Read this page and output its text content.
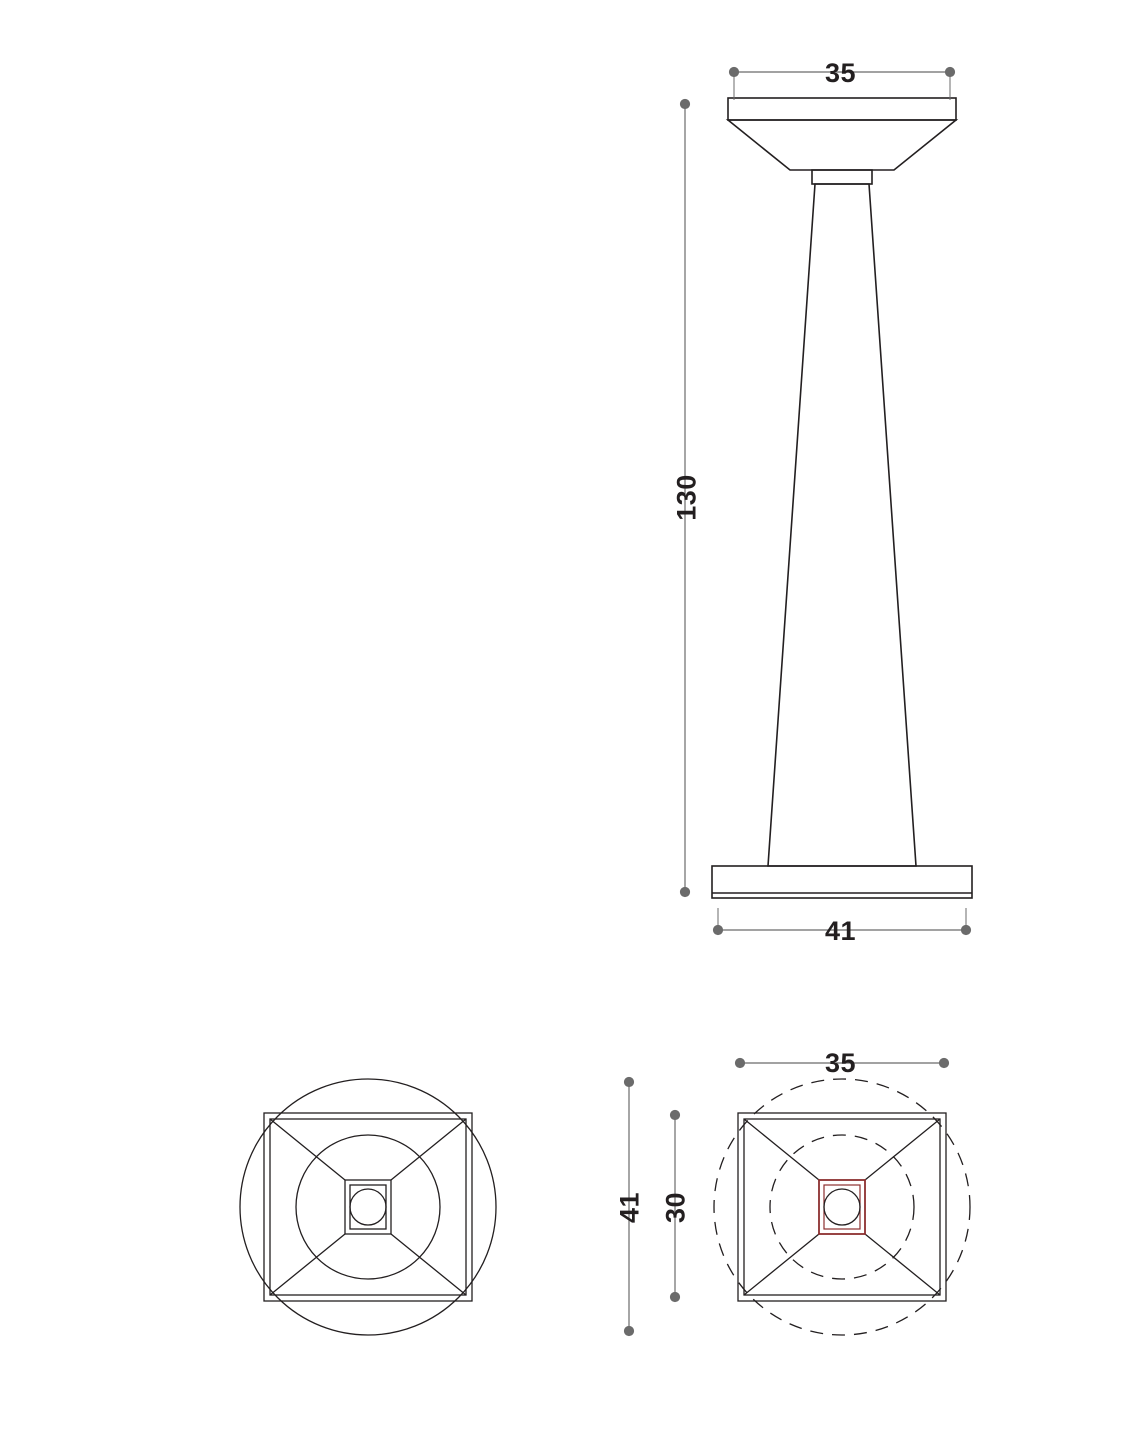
35
130
41
35
41 30
